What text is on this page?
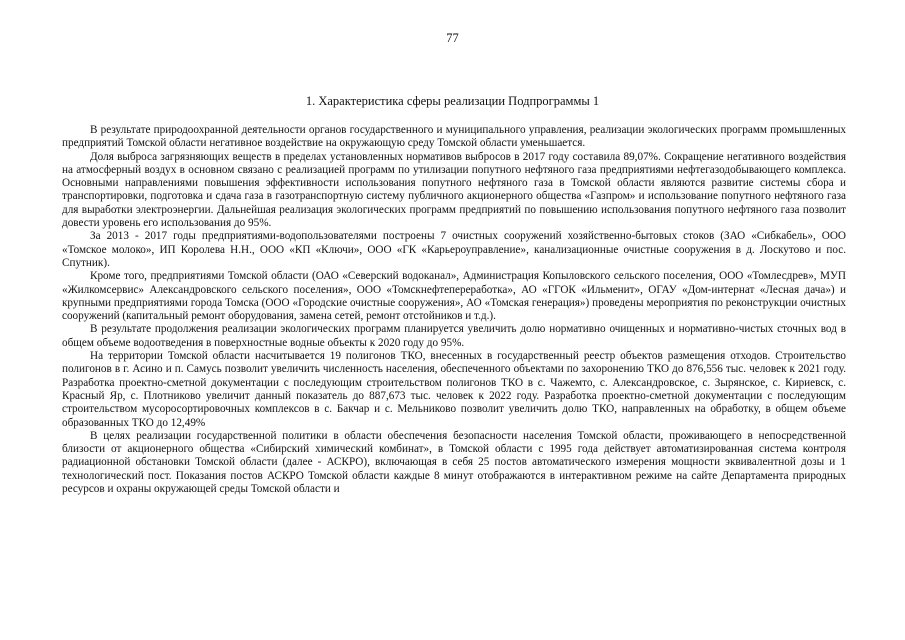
77
1. Характеристика сферы реализации Подпрограммы 1

В результате природоохранной деятельности органов государственного и муниципального управления, реализации экологических программ промышленных предприятий Томской области негативное воздействие на окружающую среду Томской области уменьшается.

Доля выброса загрязняющих веществ в пределах установленных нормативов выбросов в 2017 году составила 89,07%. Сокращение негативного воздействия на атмосферный воздух в основном связано с реализацией программ по утилизации попутного нефтяного газа предприятиями нефтегазодобывающего комплекса. Основными направлениями повышения эффективности использования попутного нефтяного газа в Томской области являются развитие системы сбора и транспортировки, подготовка и сдача газа в газотранспортную систему публичного акционерного общества «Газпром» и использование попутного нефтяного газа для выработки электроэнергии. Дальнейшая реализация экологических программ предприятий по повышению использования попутного нефтяного газа позволит довести уровень его использования до 95%.

За 2013 - 2017 годы предприятиями-водопользователями построены 7 очистных сооружений хозяйственно-бытовых стоков (ЗАО «Сибкабель», ООО «Томское молоко», ИП Королева Н.Н., ООО «КП «Ключи», ООО «ГК «Карьероуправление», канализационные очистные сооружения в д. Лоскутово и пос. Спутник).

Кроме того, предприятиями Томской области (ОАО «Северский водоканал», Администрация Копыловского сельского поселения, ООО «Томлесдрев», МУП «Жилкомсервис» Александровского сельского поселения», ООО «Томскнефтепереработка», АО «ГГОК «Ильменит», ОГАУ «Дом-интернат «Лесная дача») и крупными предприятиями города Томска (ООО «Городские очистные сооружения», АО «Томская генерация») проведены мероприятия по реконструкции очистных сооружений (капитальный ремонт оборудования, замена сетей, ремонт отстойников и т.д.).

В результате продолжения реализации экологических программ планируется увеличить долю нормативно очищенных и нормативно-чистых сточных вод в общем объеме водоотведения в поверхностные водные объекты к 2020 году до 95%.

На территории Томской области насчитывается 19 полигонов ТКО, внесенных в государственный реестр объектов размещения отходов. Строительство полигонов в г. Асино и п. Самусь позволит увеличить численность населения, обеспеченного объектами по захоронению ТКО до 876,556 тыс. человек к 2021 году. Разработка проектно-сметной документации с последующим строительством полигонов ТКО в с. Чажемто, с. Александровское, с. Зырянское, с. Кириевск, с. Красный Яр, с. Плотниково увеличит данный показатель до 887,673 тыс. человек к 2022 году. Разработка проектно-сметной документации с последующим строительством мусоросортировочных комплексов в с. Бакчар и с. Мельниково позволит увеличить долю ТКО, направленных на обработку, в общем объеме образованных ТКО до 12,49%

В целях реализации государственной политики в области обеспечения безопасности населения Томской области, проживающего в непосредственной близости от акционерного общества «Сибирский химический комбинат», в Томской области с 1995 года действует автоматизированная система контроля радиационной обстановки Томской области (далее - АСКРО), включающая в себя 25 постов автоматического измерения мощности эквивалентной дозы и 1 технологический пост. Показания постов АСКРО Томской области каждые 8 минут отображаются в интерактивном режиме на сайте Департамента природных ресурсов и охраны окружающей среды Томской области и
